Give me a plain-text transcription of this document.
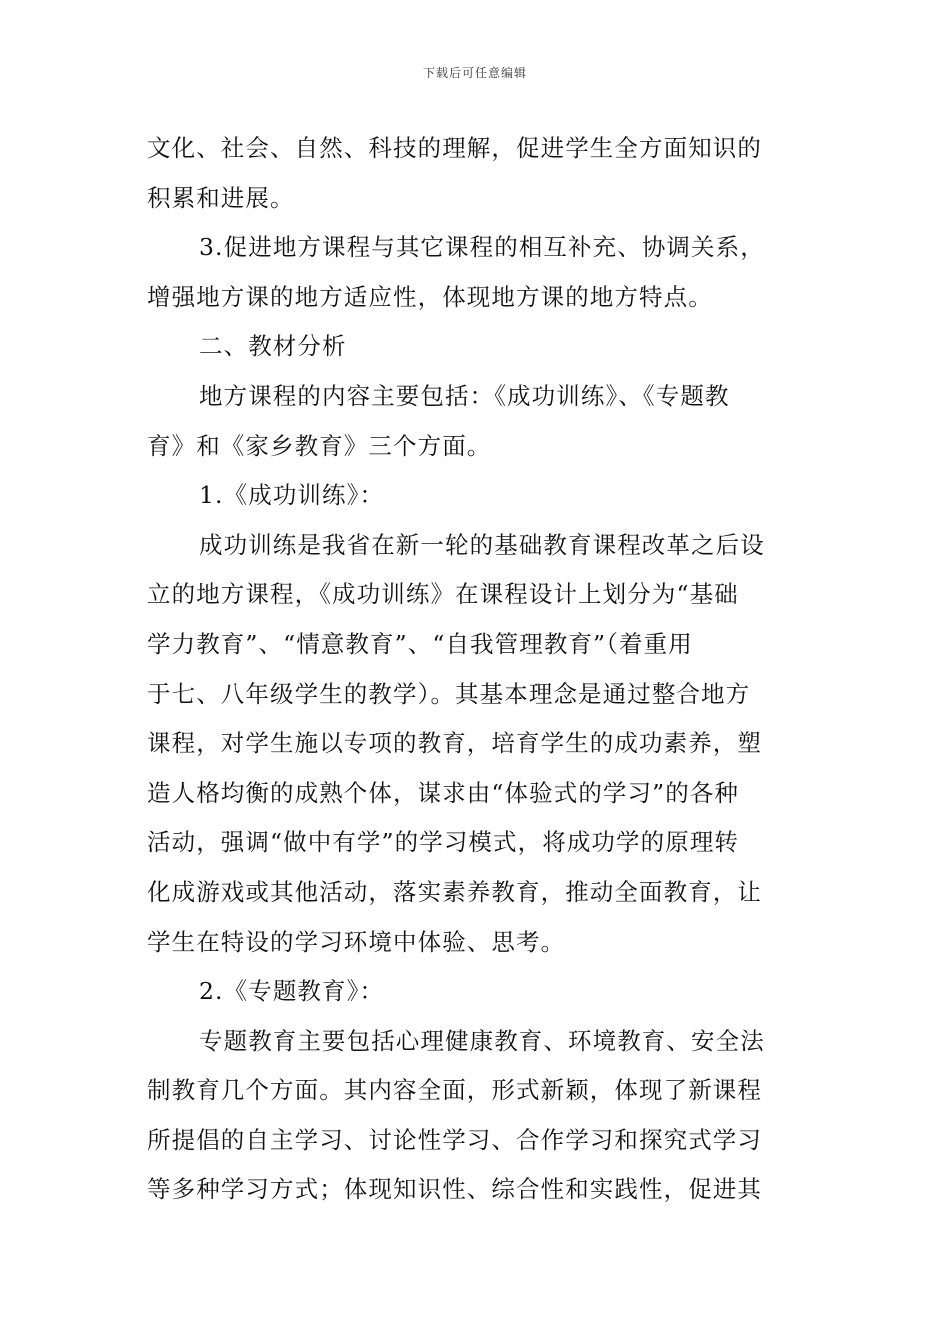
下载后可任意编辑
文化、社会、自然、科技的理解，促进学生全方面知识的
积累和进展。
3.促进地方课程与其它课程的相互补充、协调关系，
增强地方课的地方适应性，体现地方课的地方特点。
二、教材分析
地方课程的内容主要包括：《成功训练》、《专题教
育》和《家乡教育》三个方面。
1.《成功训练》：
成功训练是我省在新一轮的基础教育课程改革之后设
立的地方课程，《成功训练》在课程设计上划分为“基础
学力教育”、“情意教育”、“自我管理教育”（着重用
于七、八年级学生的教学）。其基本理念是通过整合地方
课程，对学生施以专项的教育，培育学生的成功素养，塑
造人格均衡的成熟个体，谋求由“体验式的学习”的各种
活动，强调“做中有学”的学习模式，将成功学的原理转
化成游戏或其他活动，落实素养教育，推动全面教育，让
学生在特设的学习环境中体验、思考。
2.《专题教育》：
专题教育主要包括心理健康教育、环境教育、安全法
制教育几个方面。其内容全面，形式新颖，体现了新课程
所提倡的自主学习、讨论性学习、合作学习和探究式学习
等多种学习方式；体现知识性、综合性和实践性，促进其
